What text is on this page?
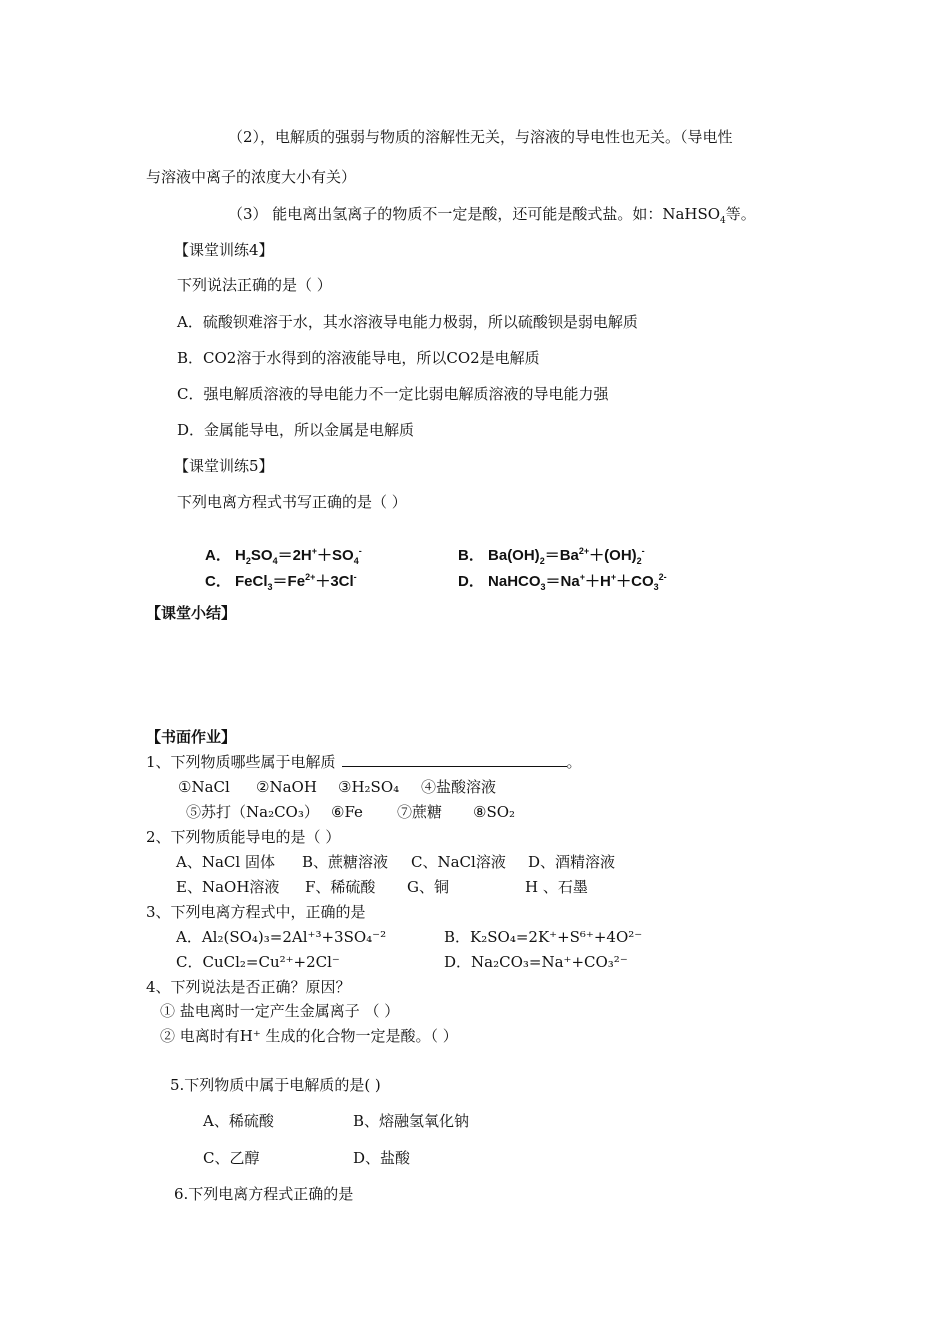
（2），电解质的强弱与物质的溶解性无关，与溶液的导电性也无关。（导电性
与溶液中离子的浓度大小有关）
（3） 能电离出氢离子的物质不一定是酸，还可能是酸式盐。如：NaHSO$_4$等。
【课堂训练4】
下列说法正确的是（ ）
A．硫酸钡难溶于水，其水溶液导电能力极弱，所以硫酸钡是弱电解质
B．CO2溶于水得到的溶液能导电，所以CO2是电解质
C．强电解质溶液的导电能力不一定比弱电解质溶液的导电能力强
D．金属能导电，所以金属是电解质
【课堂训练5】
下列电离方程式书写正确的是（ ）
A． $H_2SO_4=2H^++SO_4^-$	B． $Ba(OH)_2=Ba^{2+}+(OH)_2^-$
C． $FeCl_3=Fe^{2+}+3Cl^-$	D． $NaHCO_3=Na^++H^++CO_3^{2-}$
【课堂小结】
【书面作业】
1、下列物质哪些属于电解质	。
①NaCl ②NaOH ③H₂SO₄ ④盐酸溶液
⑤苏打（Na₂CO₃） ⑥Fe ⑦蔗糖 ⑧SO₂
2、下列物质能导电的是（ ）
A、NaCl 固体 B、蔗糖溶液 C、NaCl溶液 D、酒精溶液
E、NaOH溶液 F、稀硫酸 G、铜	H 、石墨
3、下列电离方程式中，正确的是
A．Al₂(SO₄)₃=2Al⁺³+3SO₄⁻²	B．K₂SO₄=2K⁺+S⁶⁺+4O²⁻
C．CuCl₂=Cu²⁺+2Cl⁻	D．Na₂CO₃=Na⁺+CO₃²⁻
4、下列说法是否正确？原因？
① 盐电离时一定产生金属离子 （ ）
② 电离时有H⁺ 生成的化合物一定是酸。（ ）
5.下列物质中属于电解质的是( )
A、稀硫酸	B、熔融氢氧化钠
C、乙醇	D、盐酸
6.下列电离方程式正确的是
